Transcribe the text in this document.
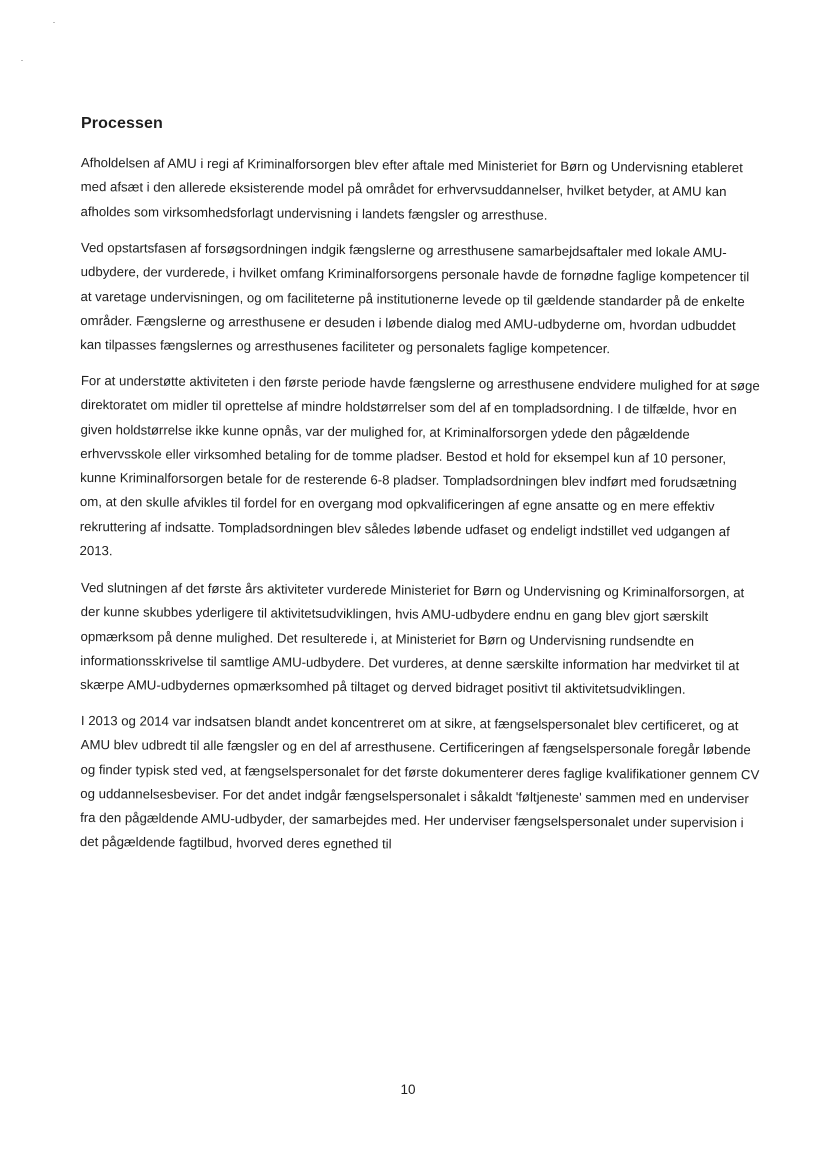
Processen

Afholdelsen af AMU i regi af Kriminalforsorgen blev efter aftale med Ministeriet for Børn og Undervisning etableret med afsæt i den allerede eksisterende model på området for erhvervsuddannelser, hvilket betyder, at AMU kan afholdes som virksomhedsforlagt undervisning i landets fængsler og arresthuse.

Ved opstartsfasen af forsøgsordningen indgik fængslerne og arresthusene samarbejdsaftaler med lokale AMU-udbydere, der vurderede, i hvilket omfang Kriminalforsorgens personale havde de fornødne faglige kompetencer til at varetage undervisningen, og om faciliteterne på institutionerne levede op til gældende standarder på de enkelte områder. Fængslerne og arresthusene er desuden i løbende dialog med AMU-udbyderne om, hvordan udbuddet kan tilpasses fængslernes og arresthusenes faciliteter og personalets faglige kompetencer.

For at understøtte aktiviteten i den første periode havde fængslerne og arresthusene endvidere mulighed for at søge direktoratet om midler til oprettelse af mindre holdstørrelser som del af en tompladsordning. I de tilfælde, hvor en given holdstørrelse ikke kunne opnås, var der mulighed for, at Kriminalforsorgen ydede den pågældende erhvervsskole eller virksomhed betaling for de tomme pladser. Bestod et hold for eksempel kun af 10 personer, kunne Kriminalforsorgen betale for de resterende 6-8 pladser. Tompladsordningen blev indført med forudsætning om, at den skulle afvikles til fordel for en overgang mod opkvalificeringen af egne ansatte og en mere effektiv rekruttering af indsatte. Tompladsordningen blev således løbende udfaset og endeligt indstillet ved udgangen af 2013.

Ved slutningen af det første års aktiviteter vurderede Ministeriet for Børn og Undervisning og Kriminalforsorgen, at der kunne skubbes yderligere til aktivitetsudviklingen, hvis AMU-udbydere endnu en gang blev gjort særskilt opmærksom på denne mulighed. Det resulterede i, at Ministeriet for Børn og Undervisning rundsendte en informationsskrivelse til samtlige AMU-udbydere. Det vurderes, at denne særskilte information har medvirket til at skærpe AMU-udbydernes opmærksomhed på tiltaget og derved bidraget positivt til aktivitetsudviklingen.

I 2013 og 2014 var indsatsen blandt andet koncentreret om at sikre, at fængselspersonalet blev certificeret, og at AMU blev udbredt til alle fængsler og en del af arresthusene. Certificeringen af fængselspersonale foregår løbende og finder typisk sted ved, at fængselspersonalet for det første dokumenterer deres faglige kvalifikationer gennem CV og uddannelsesbeviser. For det andet indgår fængselspersonalet i såkaldt 'føltjeneste' sammen med en underviser fra den pågældende AMU-udbyder, der samarbejdes med. Her underviser fængselspersonalet under supervision i det pågældende fagtilbud, hvorved deres egnethed til

10
